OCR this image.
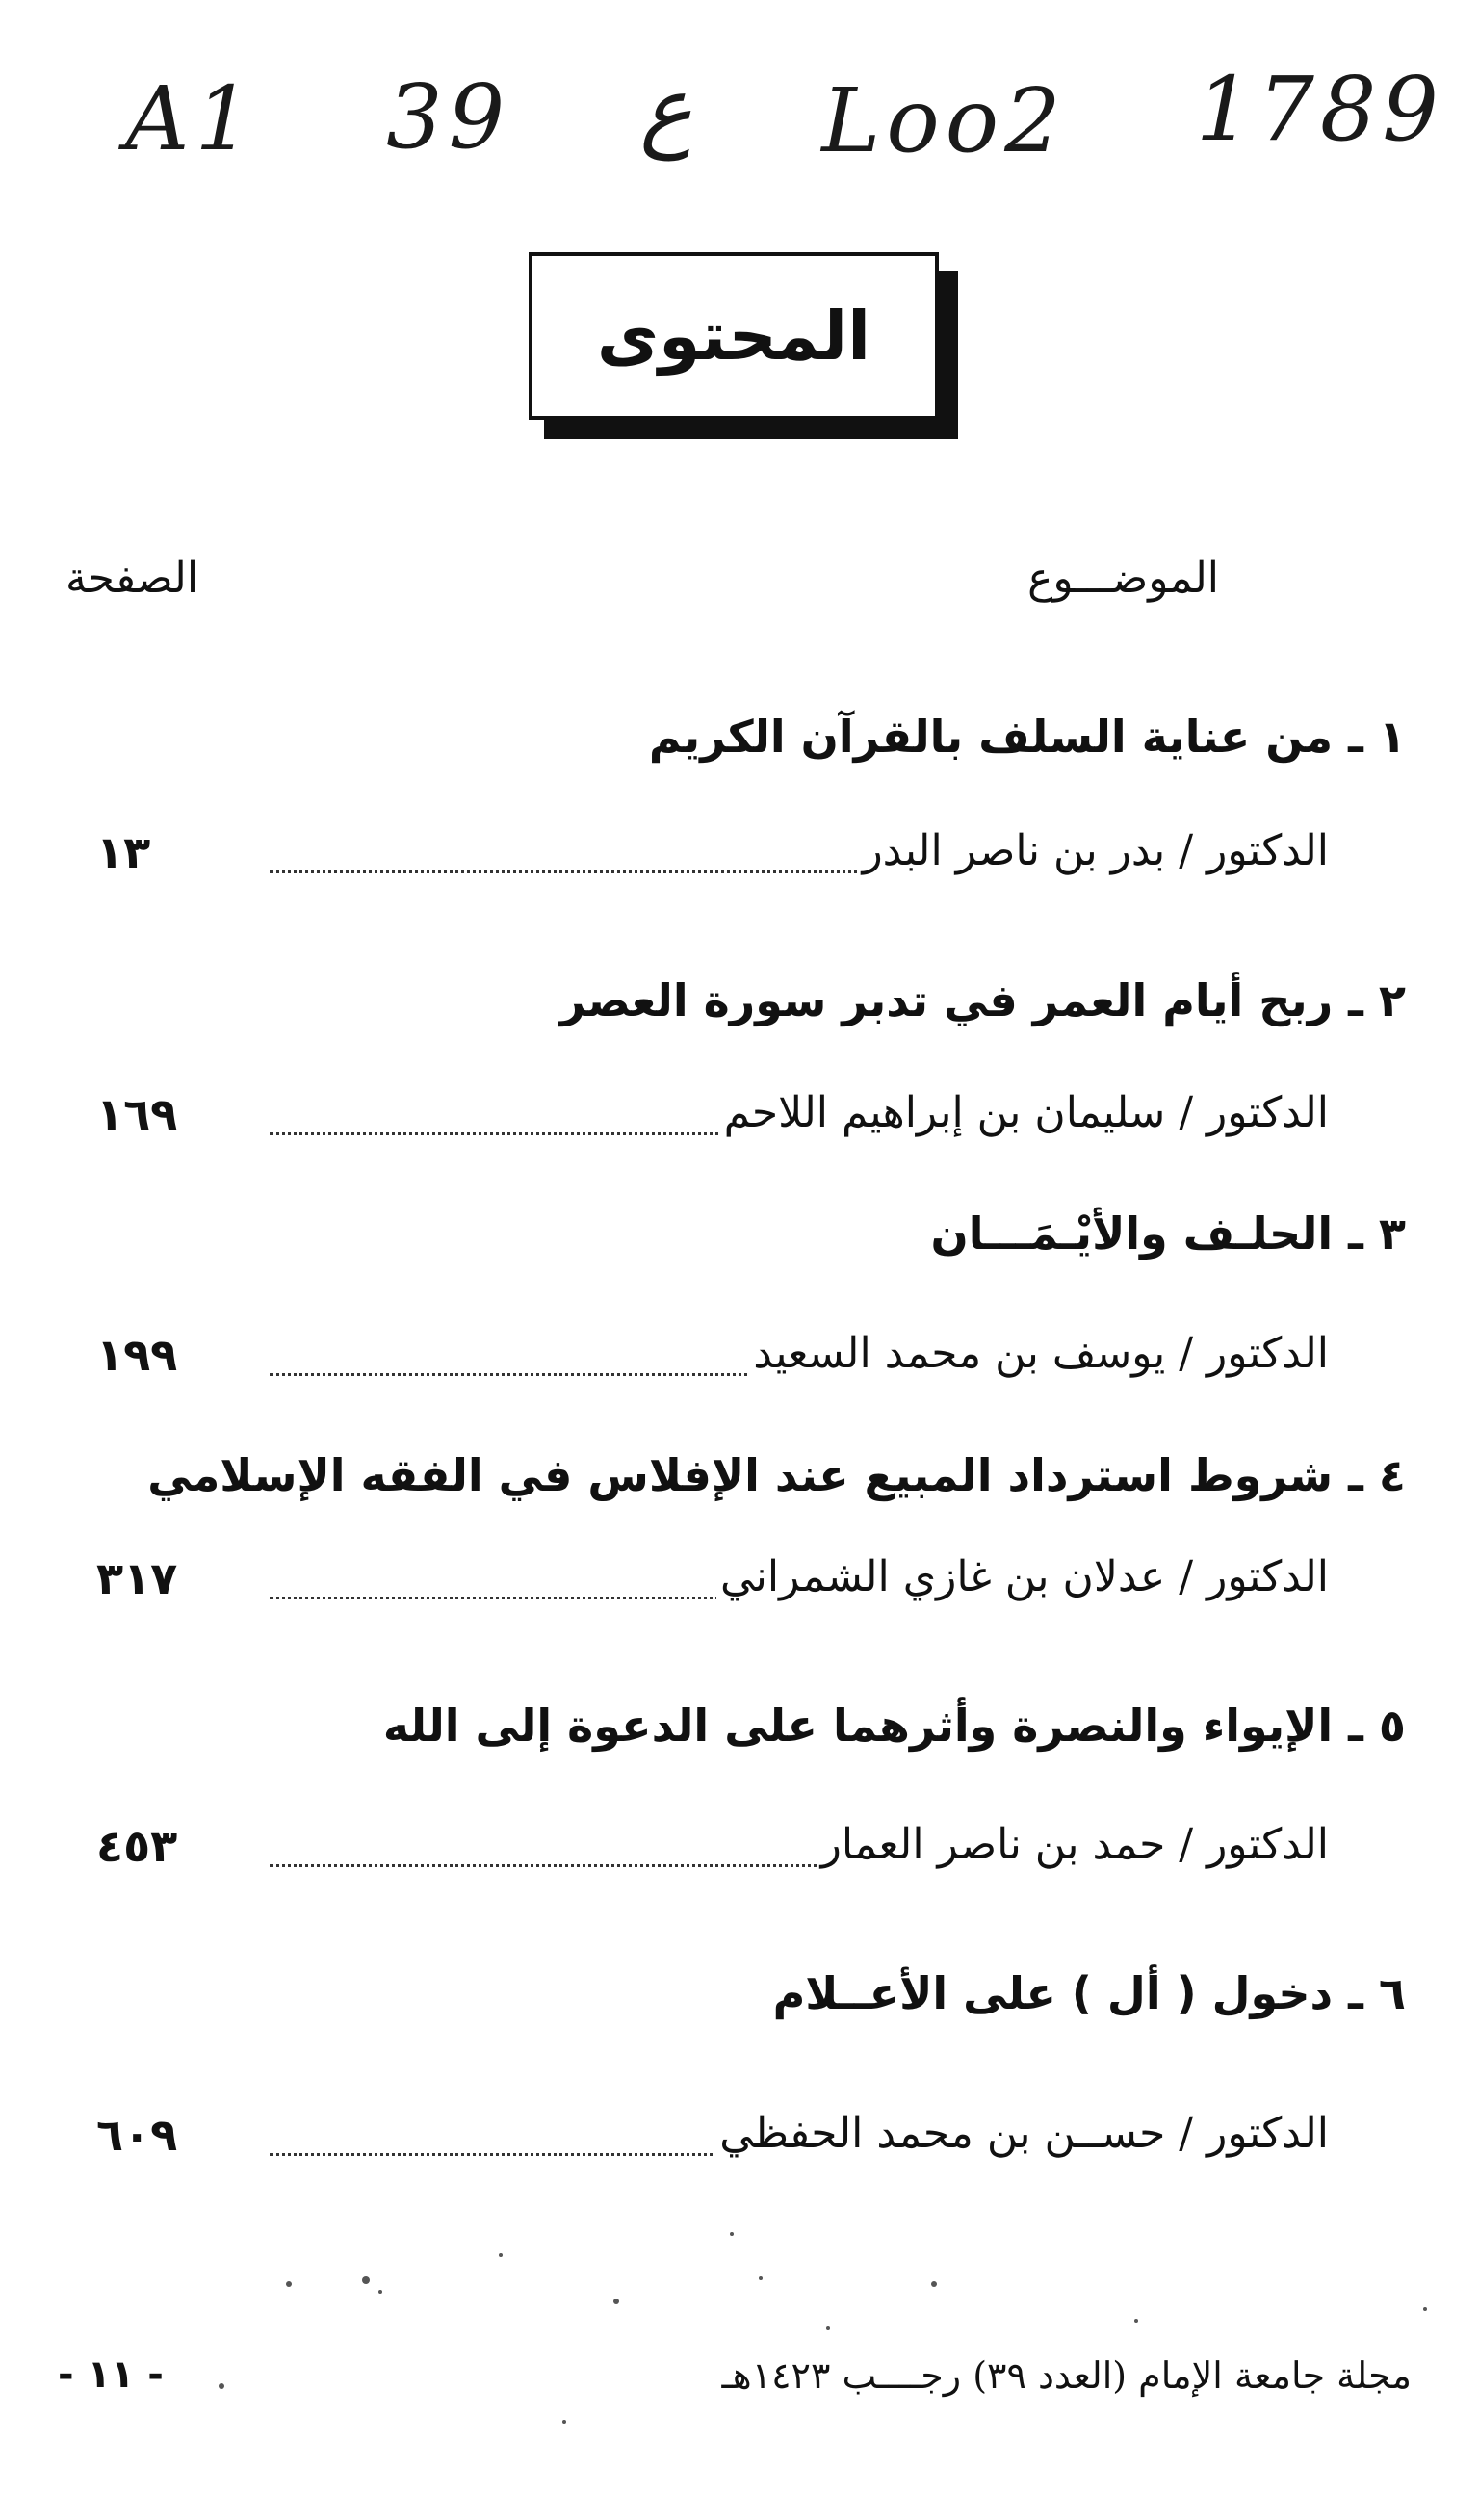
A1 39 ع Loo2 1789
المحتوى
الموضـــوع
الصفحة
١ ـ من عناية السلف بالقرآن الكريم
الدكتور / بدر بن ناصر البدر
١٣
٢ ـ ربح أيام العمر في تدبر سورة العصر
الدكتور / سليمان بن إبراهيم اللاحم
١٦٩
٣ ـ الحلـف والأيْـمَـــان
الدكتور / يوسف بن محمد السعيد
١٩٩
٤ ـ شروط استرداد المبيع عند الإفلاس في الفقه الإسلامي
الدكتور / عدلان بن غازي الشمراني
٣١٧
٥ ـ الإيواء والنصرة وأثرهما على الدعوة إلى الله
الدكتور / حمد بن ناصر العمار
٤٥٣
٦ ـ دخول ( أل ) على الأعــلام
الدكتور / حســن بن محمد الحفظي
٦٠٩
مجلة جامعة الإمام (العدد ٣٩) رجــــب ١٤٢٣هـ
- ١١ -
